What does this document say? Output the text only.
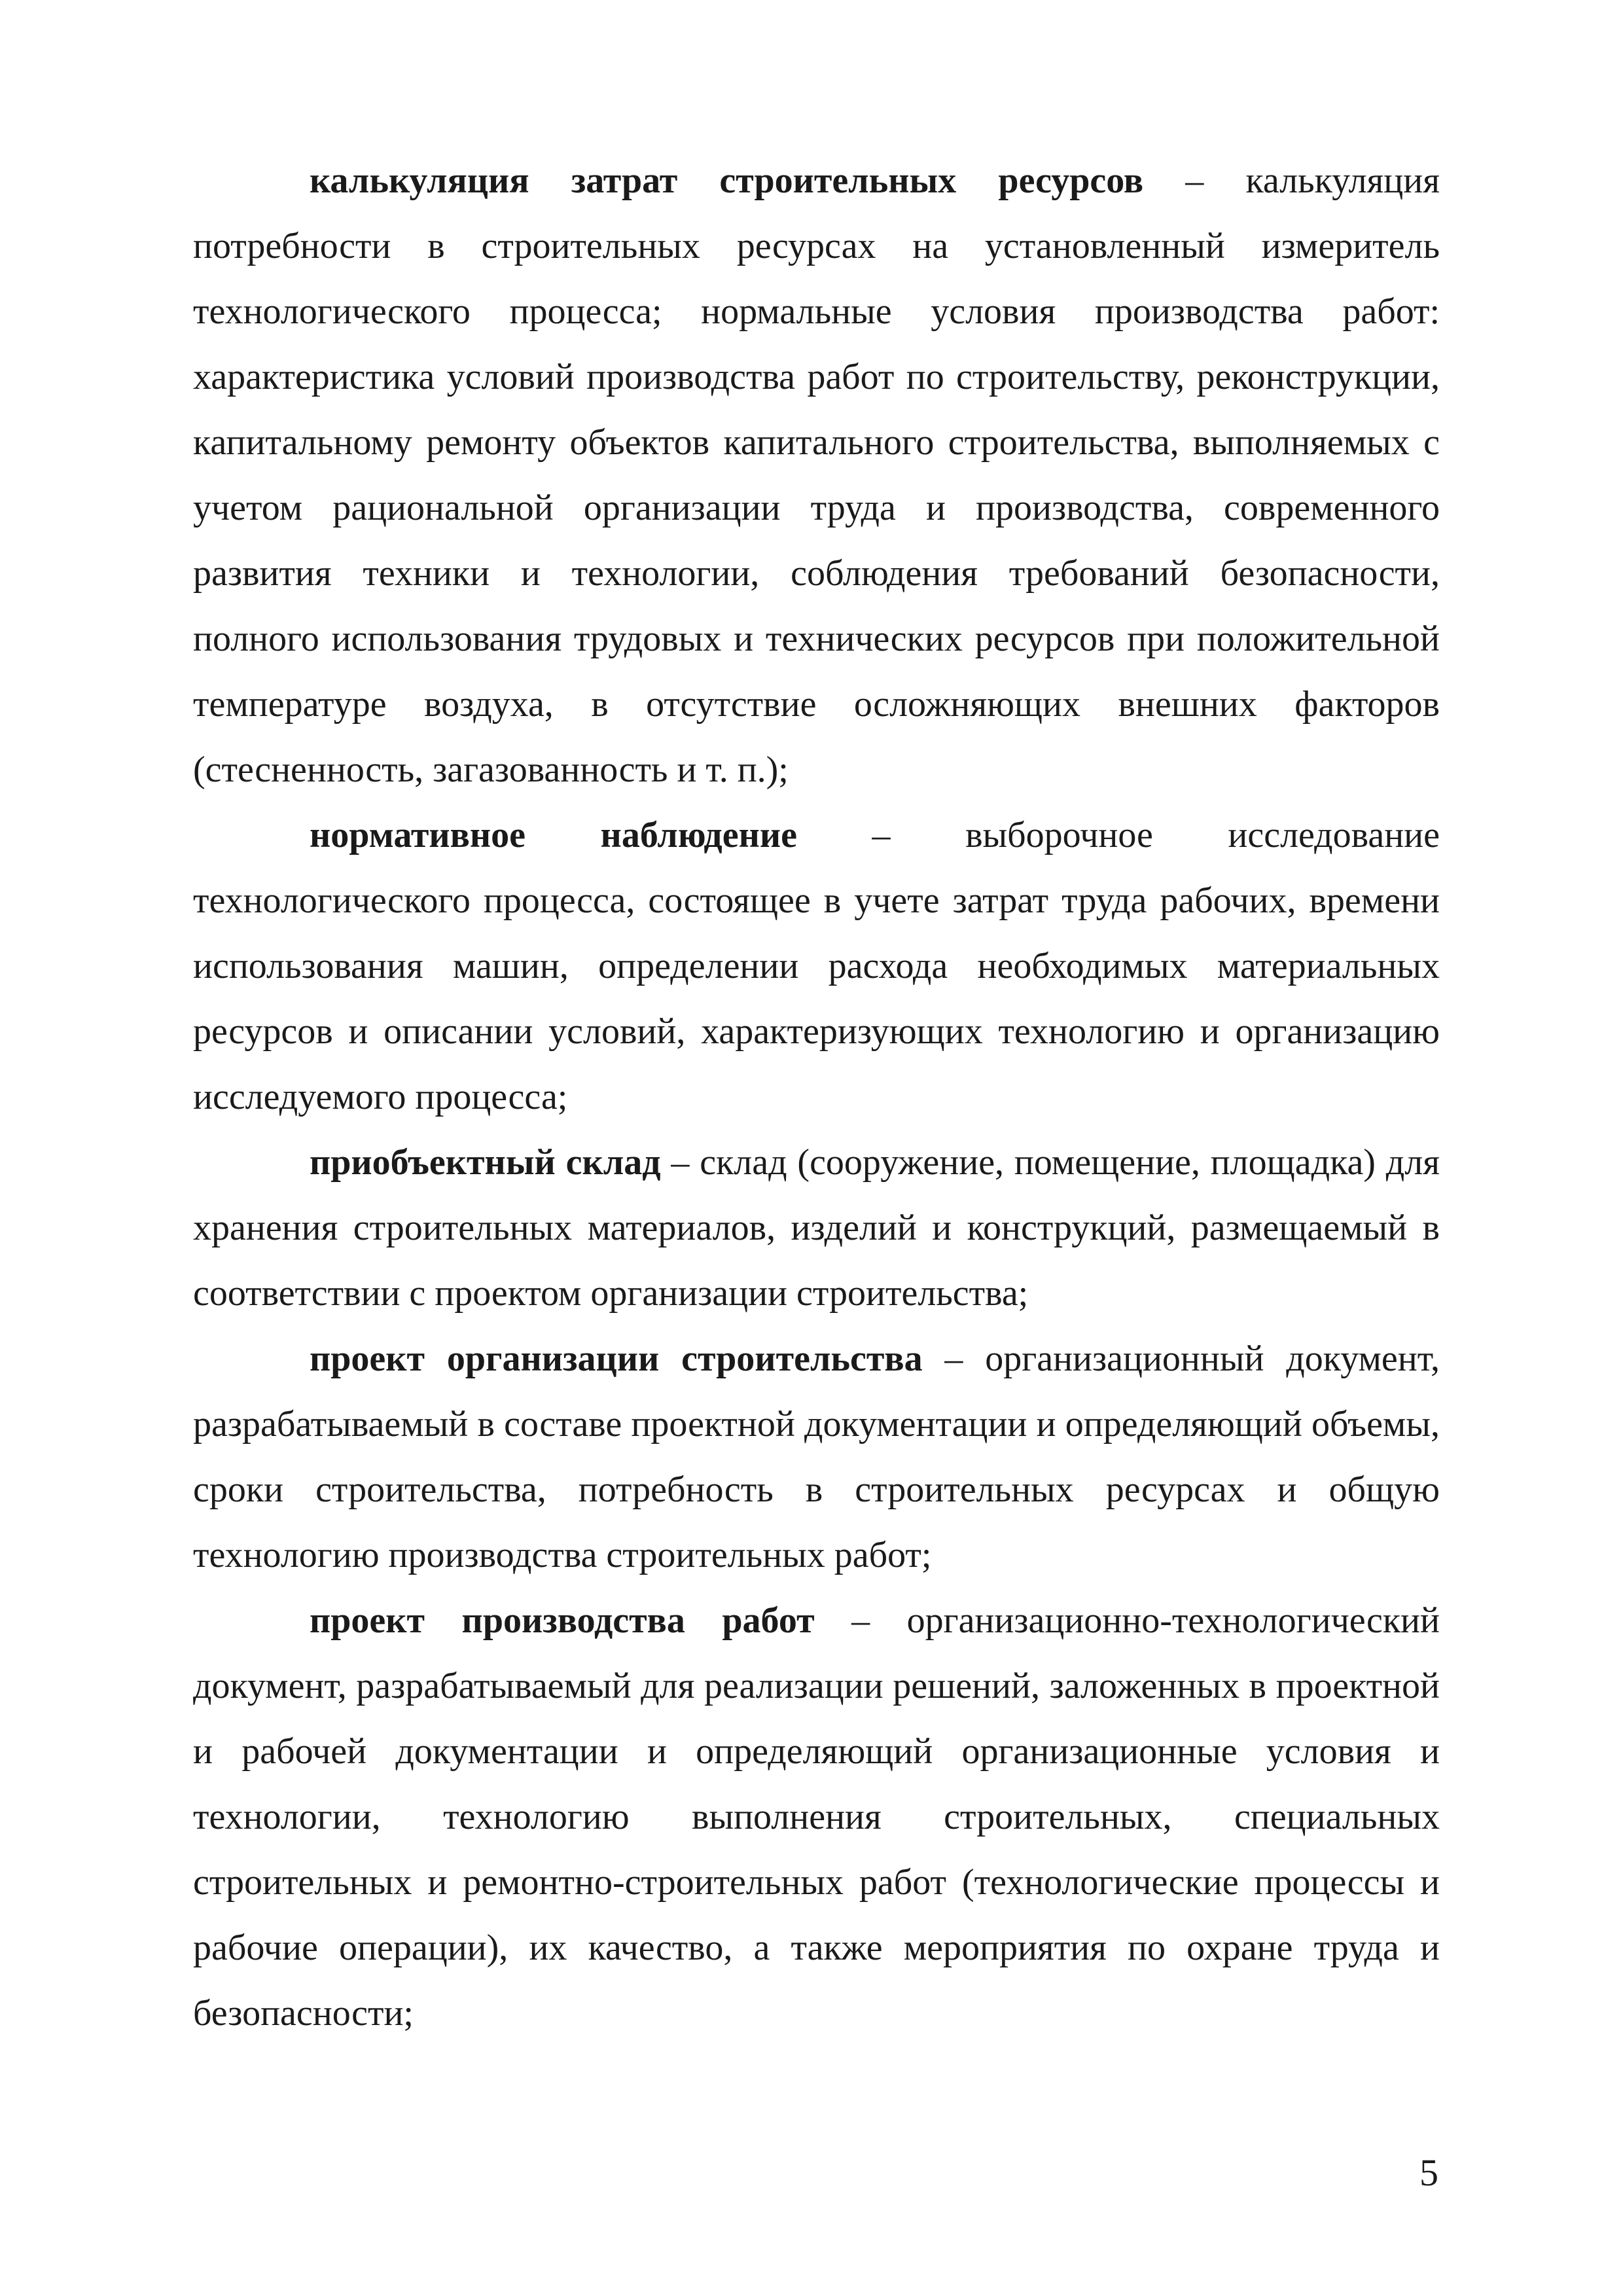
калькуляция затрат строительных ресурсов – калькуляция потребности в строительных ресурсах на установленный измеритель технологического процесса; нормальные условия производства работ: характеристика условий производства работ по строительству, реконструкции, капитальному ремонту объектов капитального строительства, выполняемых с учетом рациональной организации труда и производства, современного развития техники и технологии, соблюдения требований безопасности, полного использования трудовых и технических ресурсов при положительной температуре воздуха, в отсутствие осложняющих внешних факторов (стесненность, загазованность и т. п.);

нормативное наблюдение – выборочное исследование технологического процесса, состоящее в учете затрат труда рабочих, времени использования машин, определении расхода необходимых материальных ресурсов и описании условий, характеризующих технологию и организацию исследуемого процесса;

приобъектный склад – склад (сооружение, помещение, площадка) для хранения строительных материалов, изделий и конструкций, размещаемый в соответствии с проектом организации строительства;

проект организации строительства – организационный документ, разрабатываемый в составе проектной документации и определяющий объемы, сроки строительства, потребность в строительных ресурсах и общую технологию производства строительных работ;

проект производства работ – организационно-технологический документ, разрабатываемый для реализации решений, заложенных в проектной и рабочей документации и определяющий организационные условия и технологии, технологию выполнения строительных, специальных строительных и ремонтно-строительных работ (технологические процессы и рабочие операции), их качество, а также мероприятия по охране труда и безопасности;

5
